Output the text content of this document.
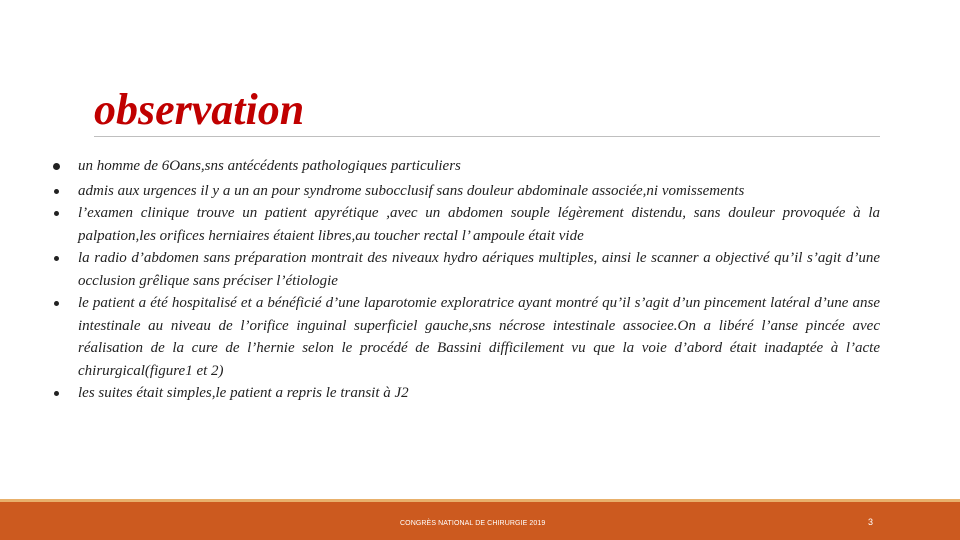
observation
un homme de 6Oans,sns antécédents pathologiques particuliers
admis aux urgences il y a un an pour syndrome subocclusif sans douleur abdominale associée,ni vomissements
l’examen clinique trouve un patient apyrétique ,avec un abdomen souple légèrement distendu, sans douleur provoquée à la palpation,les orifices herniaires étaient libres,au toucher rectal l’ ampoule était vide
la radio d’abdomen sans préparation montrait des niveaux hydro aériques multiples, ainsi le scanner a objectivé qu’il s’agit d’une occlusion grêlique sans préciser l’étiologie
le patient a été hospitalisé et a bénéficié d’une laparotomie exploratrice ayant montré qu’il s’agit d’un pincement latéral d’une anse intestinale au niveau de l’orifice inguinal superficiel gauche,sns nécrose intestinale associee.On a libéré l’anse pincée avec réalisation de la cure de l’hernie selon le procédé de Bassini difficilement vu que la voie d’abord était inadaptée à l’acte chirurgical(figure1 et 2)
les suites était simples,le patient a repris le transit à J2
CONGRÈS NATIONAL DE CHIRURGIE 2019	3
